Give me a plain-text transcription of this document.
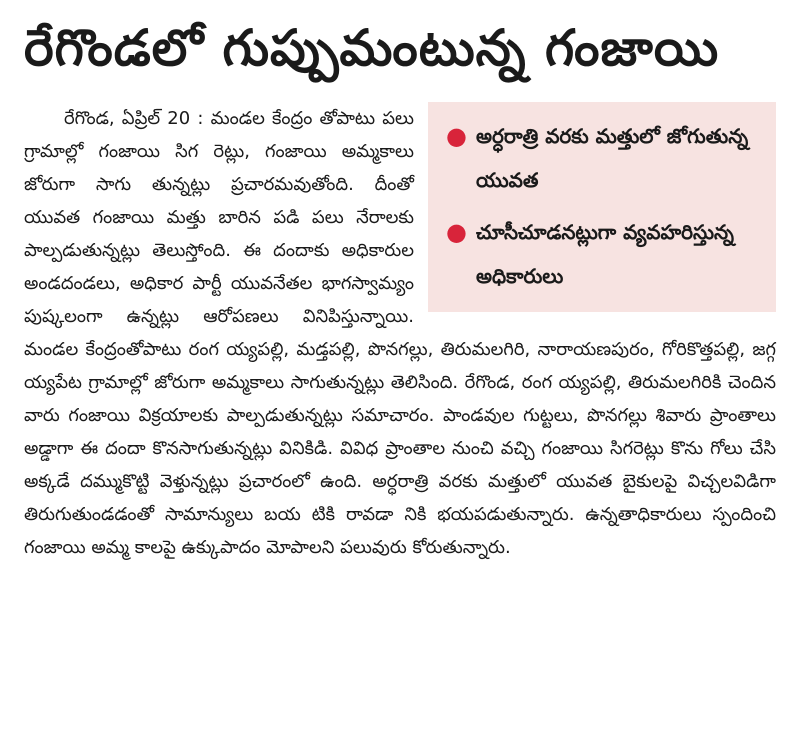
రేగొండలో గుప్పుమంటున్న గంజాయి
● అర్ధరాత్రి వరకు మత్తులో జోగుతున్న యువత
● చూసీచూడనట్లుగా వ్యవహరిస్తున్న అధికారులు

రేగొండ, ఏప్రిల్ 20 : మండల కేంద్రం తోపాటు పలు గ్రామాల్లో గంజాయి సిగ రెట్లు, గంజాయి అమ్మకాలు జోరుగా సాగు తున్నట్లు ప్రచారమవుతోంది. దీంతో యువత గంజాయి మత్తు బారిన పడి పలు నేరాలకు పాల్పడుతున్నట్లు తెలుస్తోంది. ఈ దందాకు అధికారుల అండదండలు, అధికార పార్టీ యువనేతల భాగస్వామ్యం పుష్కలంగా ఉన్నట్లు ఆరోపణలు వినిపిస్తున్నాయి. మండల కేంద్రంతోపాటు రంగ య్యపల్లి, మడ్తపల్లి, పొనగల్లు, తిరుమలగిరి, నారాయణపురం, గోరికొత్తపల్లి, జగ్గ య్యపేట గ్రామాల్లో జోరుగా అమ్మకాలు సాగుతున్నట్లు తెలిసింది. రేగొండ, రంగ య్యపల్లి, తిరుమలగిరికి చెందిన వారు గంజాయి విక్రయాలకు పాల్పడుతున్నట్లు సమాచారం. పాండవుల గుట్టలు, పొనగల్లు శివారు ప్రాంతాలు అడ్డాగా ఈ దందా కొనసాగుతున్నట్లు వినికిడి. వివిధ ప్రాంతాల నుంచి వచ్చి గంజాయి సిగరెట్లు కొను గోలు చేసి అక్కడే దమ్ముకొట్టి వెళ్తున్నట్లు ప్రచారంలో ఉంది. అర్ధరాత్రి వరకు మత్తులో యువత బైకులపై విచ్చలవిడిగా తిరుగుతుండడంతో సామాన్యులు బయ టికి రావడా నికి భయపడుతున్నారు. ఉన్నతాధికారులు స్పందించి గంజాయి అమ్మ కాలపై ఉక్కుపాదం మోపాలని పలువురు కోరుతున్నారు.
